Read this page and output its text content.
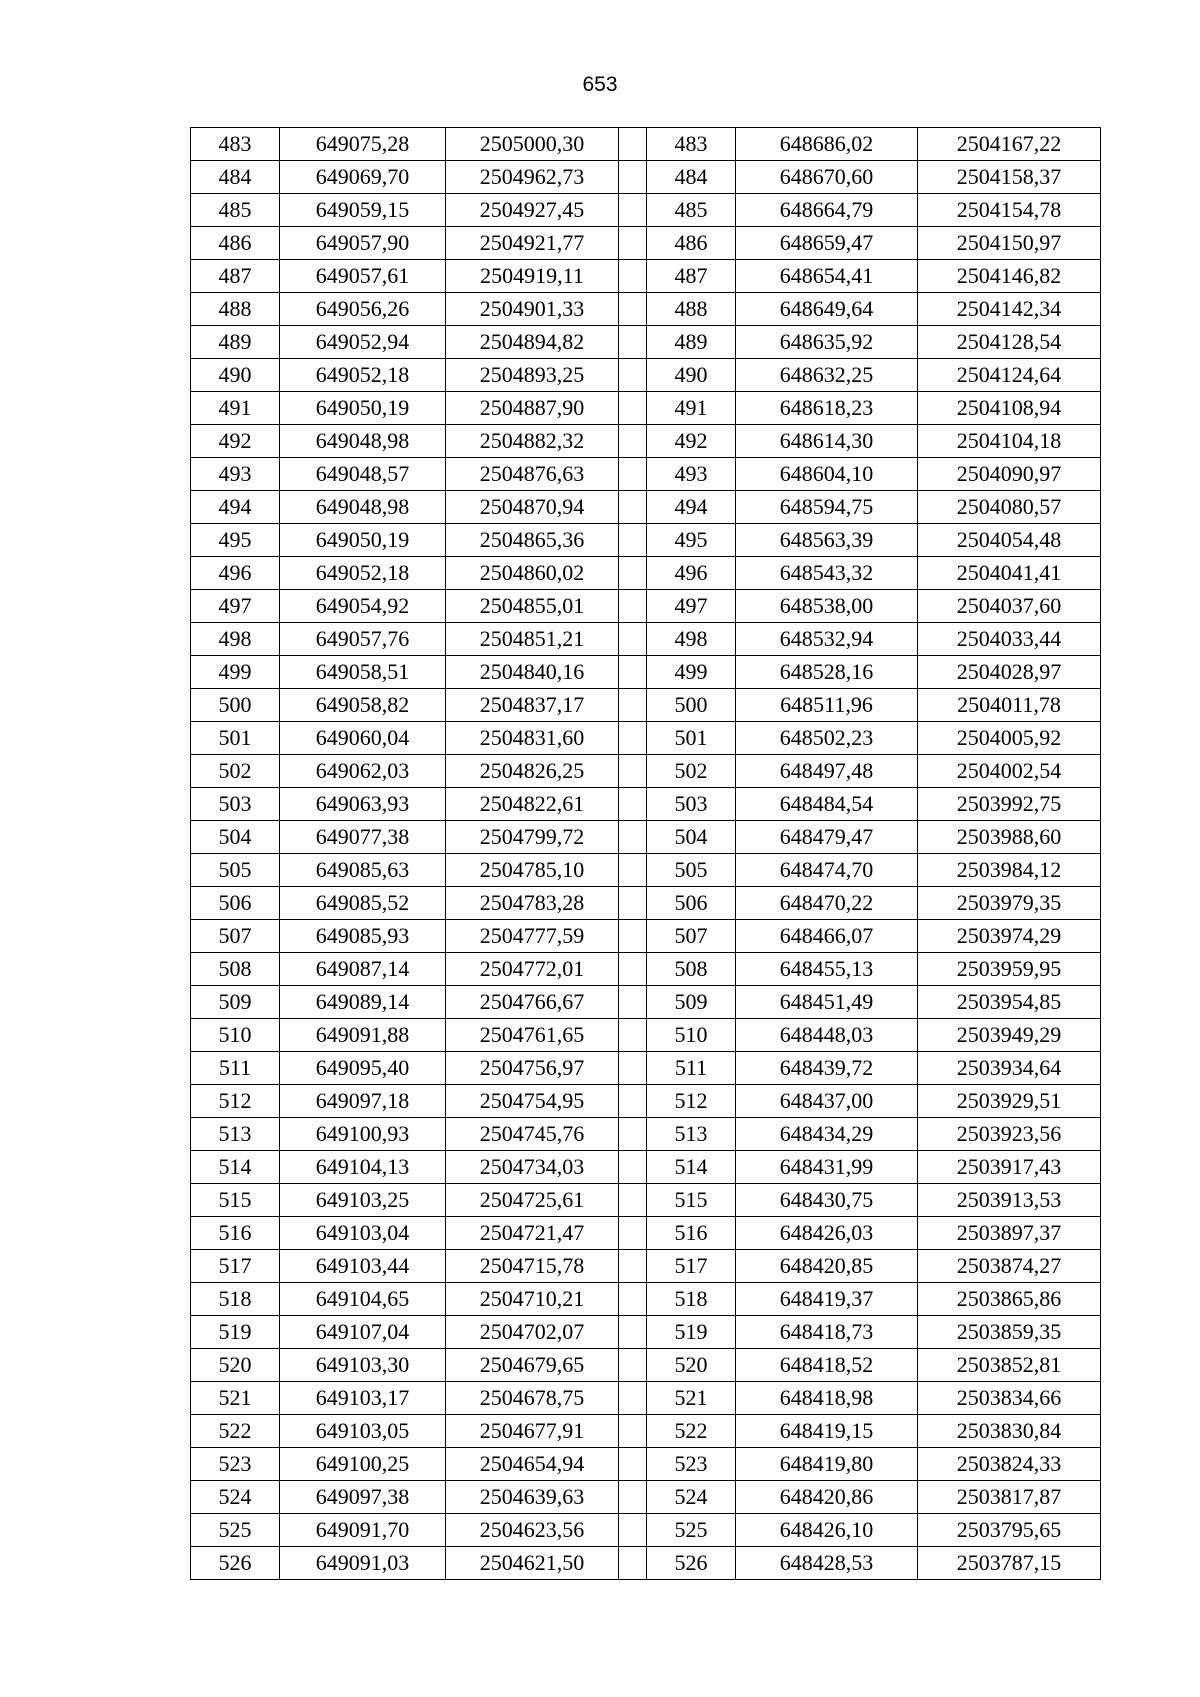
653
483	649075,28	2505000,30		483	648686,02	2504167,22
484	649069,70	2504962,73		484	648670,60	2504158,37
485	649059,15	2504927,45		485	648664,79	2504154,78
486	649057,90	2504921,77		486	648659,47	2504150,97
487	649057,61	2504919,11		487	648654,41	2504146,82
488	649056,26	2504901,33		488	648649,64	2504142,34
489	649052,94	2504894,82		489	648635,92	2504128,54
490	649052,18	2504893,25		490	648632,25	2504124,64
491	649050,19	2504887,90		491	648618,23	2504108,94
492	649048,98	2504882,32		492	648614,30	2504104,18
493	649048,57	2504876,63		493	648604,10	2504090,97
494	649048,98	2504870,94		494	648594,75	2504080,57
495	649050,19	2504865,36		495	648563,39	2504054,48
496	649052,18	2504860,02		496	648543,32	2504041,41
497	649054,92	2504855,01		497	648538,00	2504037,60
498	649057,76	2504851,21		498	648532,94	2504033,44
499	649058,51	2504840,16		499	648528,16	2504028,97
500	649058,82	2504837,17		500	648511,96	2504011,78
501	649060,04	2504831,60		501	648502,23	2504005,92
502	649062,03	2504826,25		502	648497,48	2504002,54
503	649063,93	2504822,61		503	648484,54	2503992,75
504	649077,38	2504799,72		504	648479,47	2503988,60
505	649085,63	2504785,10		505	648474,70	2503984,12
506	649085,52	2504783,28		506	648470,22	2503979,35
507	649085,93	2504777,59		507	648466,07	2503974,29
508	649087,14	2504772,01		508	648455,13	2503959,95
509	649089,14	2504766,67		509	648451,49	2503954,85
510	649091,88	2504761,65		510	648448,03	2503949,29
511	649095,40	2504756,97		511	648439,72	2503934,64
512	649097,18	2504754,95		512	648437,00	2503929,51
513	649100,93	2504745,76		513	648434,29	2503923,56
514	649104,13	2504734,03		514	648431,99	2503917,43
515	649103,25	2504725,61		515	648430,75	2503913,53
516	649103,04	2504721,47		516	648426,03	2503897,37
517	649103,44	2504715,78		517	648420,85	2503874,27
518	649104,65	2504710,21		518	648419,37	2503865,86
519	649107,04	2504702,07		519	648418,73	2503859,35
520	649103,30	2504679,65		520	648418,52	2503852,81
521	649103,17	2504678,75		521	648418,98	2503834,66
522	649103,05	2504677,91		522	648419,15	2503830,84
523	649100,25	2504654,94		523	648419,80	2503824,33
524	649097,38	2504639,63		524	648420,86	2503817,87
525	649091,70	2504623,56		525	648426,10	2503795,65
526	649091,03	2504621,50		526	648428,53	2503787,15
